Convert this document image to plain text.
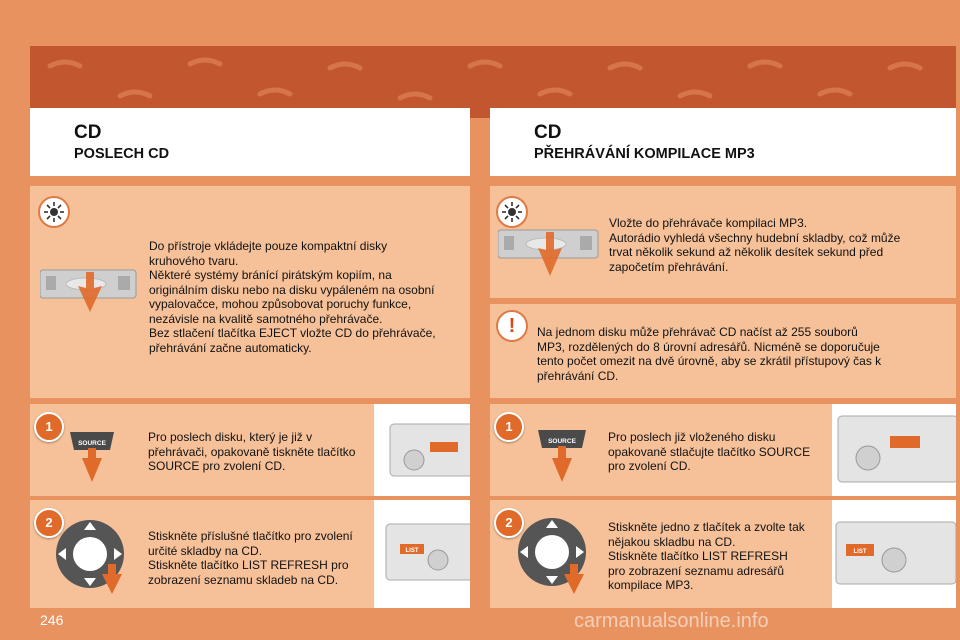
CD
POSLECH CD
Do přístroje vkládejte pouze kompaktní disky
kruhového tvaru.
Některé systémy bránící pirátským kopiím, na
originálním disku nebo na disku vypáleném na osobní
vypalovačce, mohou způsobovat poruchy funkce,
nezávisle na kvalitě samotného přehrávače.
Bez stlačení tlačítka EJECT vložte CD do přehrávače,
přehrávání začne automaticky.
1
SOURCE	Pro poslech disku, který je již v
přehrávači, opakovaně tiskněte tlačítko
SOURCE pro zvolení CD.
LIST
2
Stiskněte příslušné tlačítko pro zvolení
určité skladby na CD.
Stiskněte tlačítko LIST REFRESH pro
zobrazení seznamu skladeb na CD.
CD
PŘEHRÁVÁNÍ KOMPILACE MP3
Vložte do přehrávače kompilaci MP3.
Autorádio vyhledá všechny hudební skladby, což může
trvat několik sekund až několik desítek sekund před
započetím přehrávání.
!	Na jednom disku může přehrávač CD načíst až 255 souborů
MP3, rozdělených do 8 úrovní adresářů. Nicméně se doporučuje
tento počet omezit na dvě úrovně, aby se zkrátil přístupový čas k
přehrávání CD.
1
SOURCE	Pro poslech již vloženého disku
opakovaně stlačujte tlačítko SOURCE
pro zvolení CD.
LIST
2	Stiskněte jedno z tlačítek a zvolte tak
nějakou skladbu na CD.
Stiskněte tlačítko LIST REFRESH
pro zobrazení seznamu adresářů
kompilace MP3.
246	carmanualsonline.info
